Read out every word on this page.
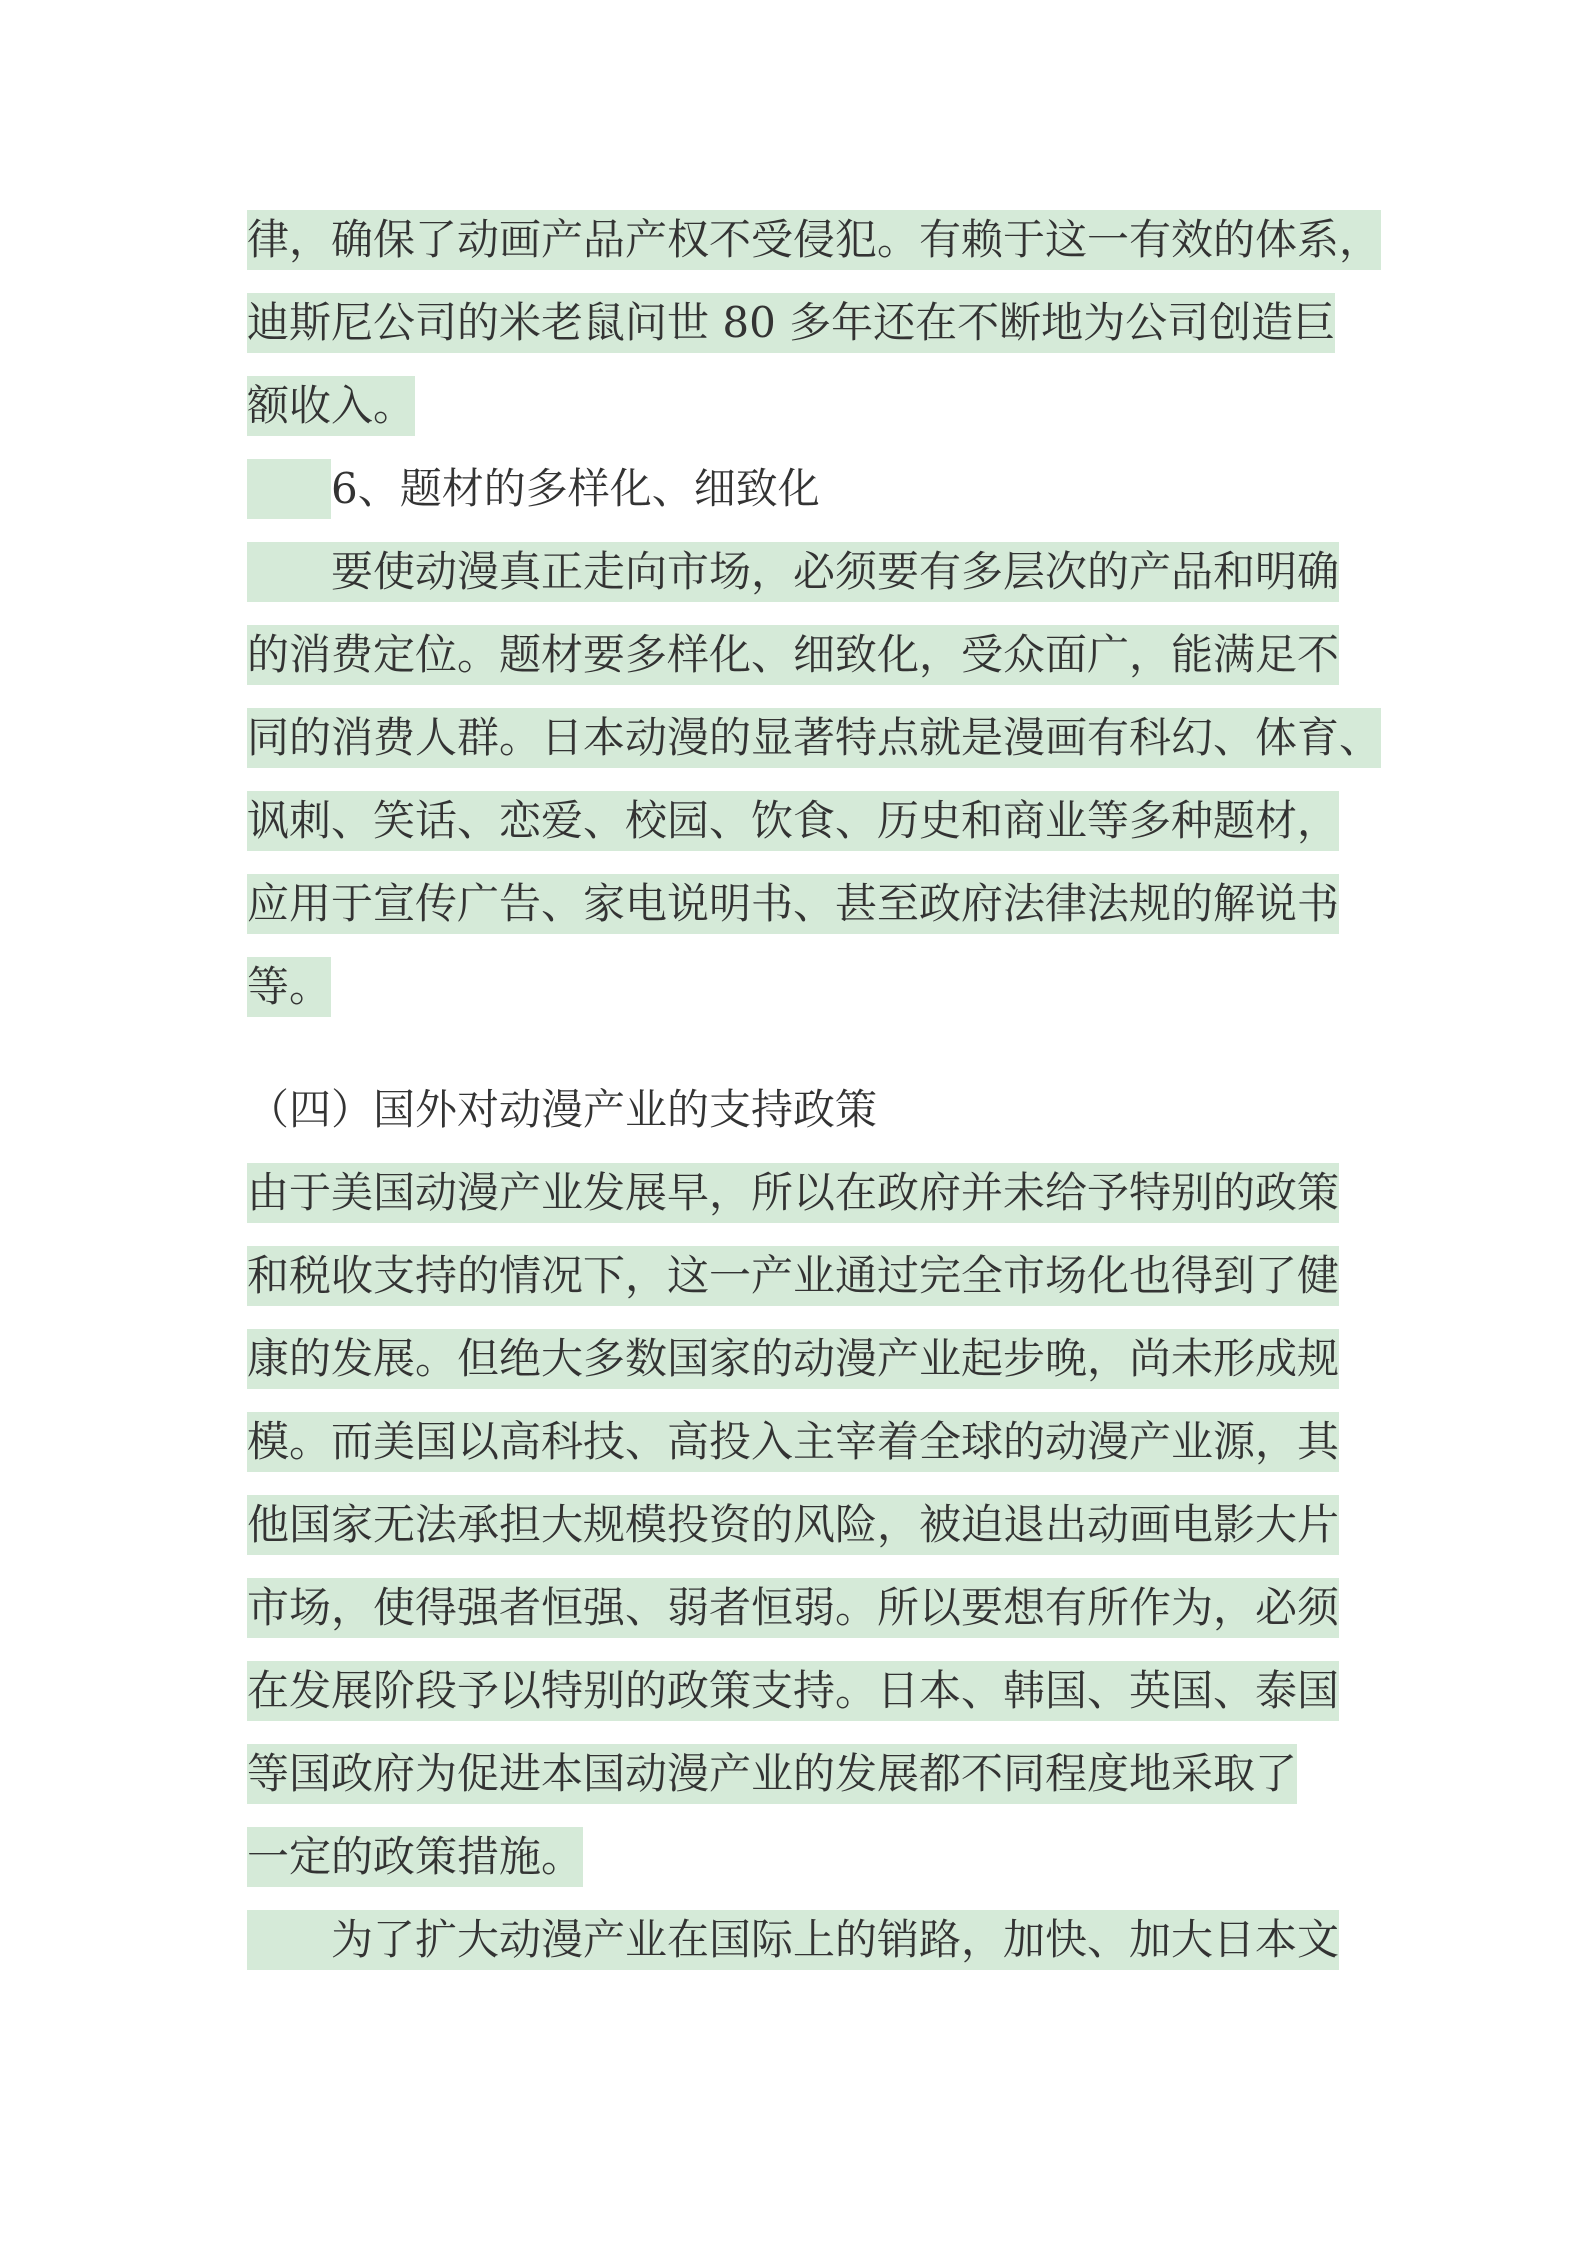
律，确保了动画产品产权不受侵犯。有赖于这一有效的体系，
迪斯尼公司的米老鼠问世 80 多年还在不断地为公司创造巨
额收入。
6、题材的多样化、细致化
要使动漫真正走向市场，必须要有多层次的产品和明确
的消费定位。题材要多样化、细致化，受众面广，能满足不
同的消费人群。日本动漫的显著特点就是漫画有科幻、体育、
讽刺、笑话、恋爱、校园、饮食、历史和商业等多种题材，
应用于宣传广告、家电说明书、甚至政府法律法规的解说书
等。
（四）国外对动漫产业的支持政策
由于美国动漫产业发展早，所以在政府并未给予特别的政策
和税收支持的情况下，这一产业通过完全市场化也得到了健
康的发展。但绝大多数国家的动漫产业起步晚，尚未形成规
模。而美国以高科技、高投入主宰着全球的动漫产业源，其
他国家无法承担大规模投资的风险，被迫退出动画电影大片
市场，使得强者恒强、弱者恒弱。所以要想有所作为，必须
在发展阶段予以特别的政策支持。日本、韩国、英国、泰国
等国政府为促进本国动漫产业的发展都不同程度地采取了
一定的政策措施。
为了扩大动漫产业在国际上的销路，加快、加大日本文
